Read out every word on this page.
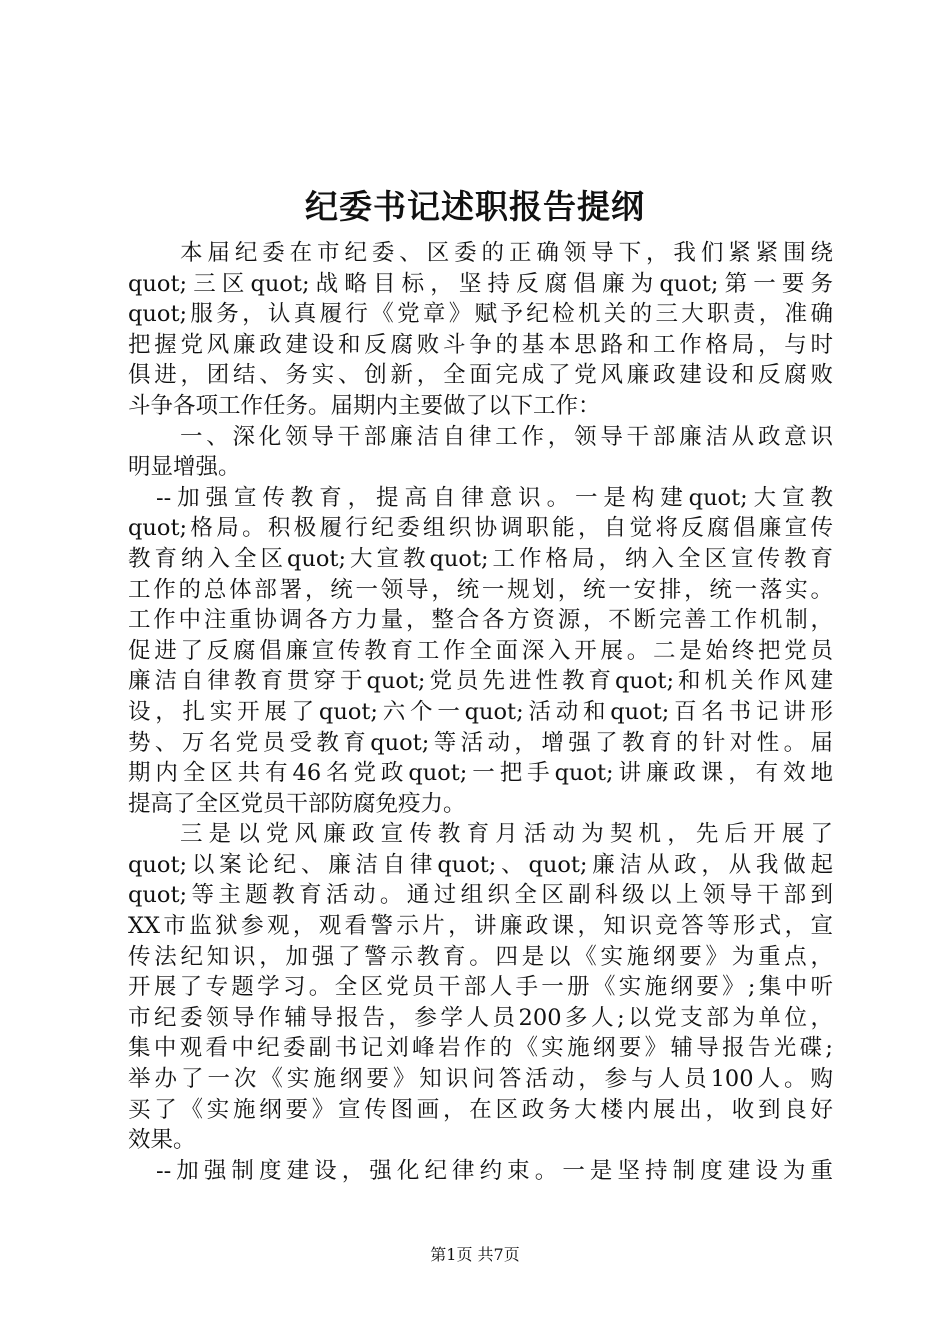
纪委书记述职报告提纲
本届纪委在市纪委、区委的正确领导下，我们紧紧围绕
quot;三区quot;战略目标，坚持反腐倡廉为quot;第一要务
quot;服务，认真履行《党章》赋予纪检机关的三大职责，准确
把握党风廉政建设和反腐败斗争的基本思路和工作格局，与时
俱进，团结、务实、创新，全面完成了党风廉政建设和反腐败
斗争各项工作任务。届期内主要做了以下工作：
一、深化领导干部廉洁自律工作，领导干部廉洁从政意识
明显增强。
--加强宣传教育，提高自律意识。一是构建quot;大宣教
quot;格局。积极履行纪委组织协调职能，自觉将反腐倡廉宣传
教育纳入全区quot;大宣教quot;工作格局，纳入全区宣传教育
工作的总体部署，统一领导，统一规划，统一安排，统一落实。
工作中注重协调各方力量，整合各方资源，不断完善工作机制，
促进了反腐倡廉宣传教育工作全面深入开展。二是始终把党员
廉洁自律教育贯穿于quot;党员先进性教育quot;和机关作风建
设，扎实开展了quot;六个一quot;活动和quot;百名书记讲形
势、万名党员受教育quot;等活动，增强了教育的针对性。届
期内全区共有46名党政quot;一把手quot;讲廉政课，有效地
提高了全区党员干部防腐免疫力。
三是以党风廉政宣传教育月活动为契机，先后开展了
quot;以案论纪、廉洁自律quot;、quot;廉洁从政，从我做起
quot;等主题教育活动。通过组织全区副科级以上领导干部到
XX市监狱参观，观看警示片，讲廉政课，知识竞答等形式，宣
传法纪知识，加强了警示教育。四是以《实施纲要》为重点，
开展了专题学习。全区党员干部人手一册《实施纲要》;集中听
市纪委领导作辅导报告，参学人员200多人;以党支部为单位，
集中观看中纪委副书记刘峰岩作的《实施纲要》辅导报告光碟;
举办了一次《实施纲要》知识问答活动，参与人员100人。购
买了《实施纲要》宣传图画，在区政务大楼内展出，收到良好
效果。
--加强制度建设，强化纪律约束。一是坚持制度建设为重
第1页 共7页
